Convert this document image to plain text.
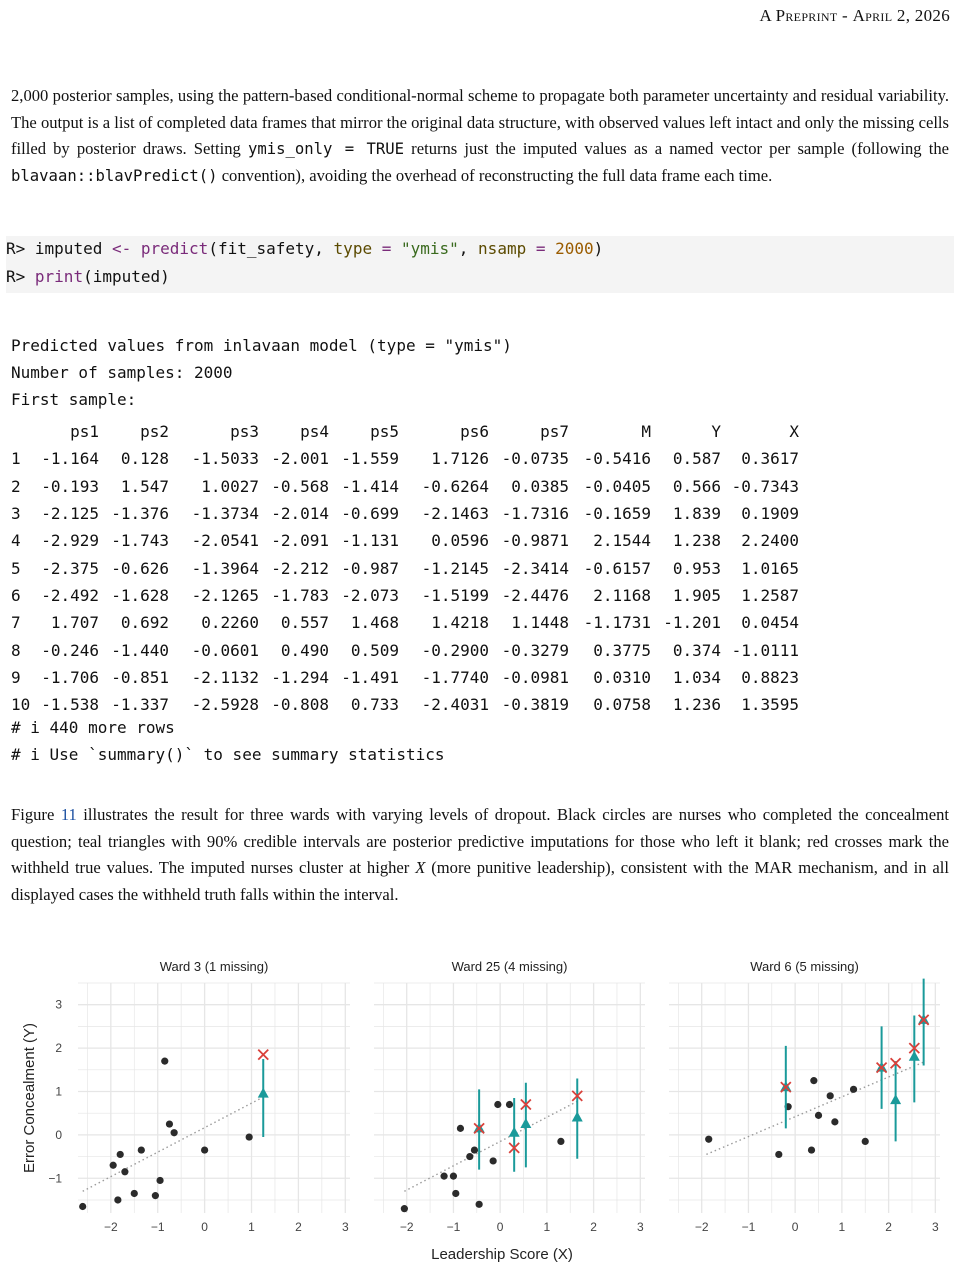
A Preprint - April 2, 2026

2,000 posterior samples, using the pattern-based conditional-normal scheme to propagate both parameter uncertainty and residual variability. The output is a list of completed data frames that mirror the original data structure, with observed values left intact and only the missing cells filled by posterior draws. Setting ymis_only = TRUE returns just the imputed values as a named vector per sample (following the blavaan::blavPredict() convention), avoiding the overhead of reconstructing the full data frame each time.

R> imputed <- predict(fit_safety, type = "ymis", nsamp = 2000)
R> print(imputed)
Predicted values from inlavaan model (type = "ymis")
Number of samples: 2000
First sample:
	ps1	ps2	ps3	ps4	ps5	ps6	ps7	M	Y	X
1	-1.164	0.128	-1.5033	-2.001	-1.559	1.7126	-0.0735	-0.5416	0.587	0.3617
2	-0.193	1.547	1.0027	-0.568	-1.414	-0.6264	0.0385	-0.0405	0.566	-0.7343
3	-2.125	-1.376	-1.3734	-2.014	-0.699	-2.1463	-1.7316	-0.1659	1.839	0.1909
4	-2.929	-1.743	-2.0541	-2.091	-1.131	0.0596	-0.9871	2.1544	1.238	2.2400
5	-2.375	-0.626	-1.3964	-2.212	-0.987	-1.2145	-2.3414	-0.6157	0.953	1.0165
6	-2.492	-1.628	-2.1265	-1.783	-2.073	-1.5199	-2.4476	2.1168	1.905	1.2587
7	1.707	0.692	0.2260	0.557	1.468	1.4218	1.1448	-1.1731	-1.201	0.0454
8	-0.246	-1.440	-0.0601	0.490	0.509	-0.2900	-0.3279	0.3775	0.374	-1.0111
9	-1.706	-0.851	-2.1132	-1.294	-1.491	-1.7740	-0.0981	0.0310	1.034	0.8823
10	-1.538	-1.337	-2.5928	-0.808	0.733	-2.4031	-0.3819	0.0758	1.236	1.3595
# i 440 more rows
# i Use `summary()` to see summary statistics

Figure 11 illustrates the result for three wards with varying levels of dropout. Black circles are nurses who completed the concealment question; teal triangles with 90% credible intervals are posterior predictive imputations for those who left it blank; red crosses mark the withheld true values. The imputed nurses cluster at higher X (more punitive leadership), consistent with the MAR mechanism, and in all displayed cases the withheld truth falls within the interval.

Ward 3 (1 missing)
−2	−1	0	1	2	3
−1
0
1
2
3
Ward 25 (4 missing)
−2	−1	0	1	2	3
Ward 6 (5 missing)
−2	−1	0	1	2	3
Leadership Score (X)
Error Concealment (Y)
